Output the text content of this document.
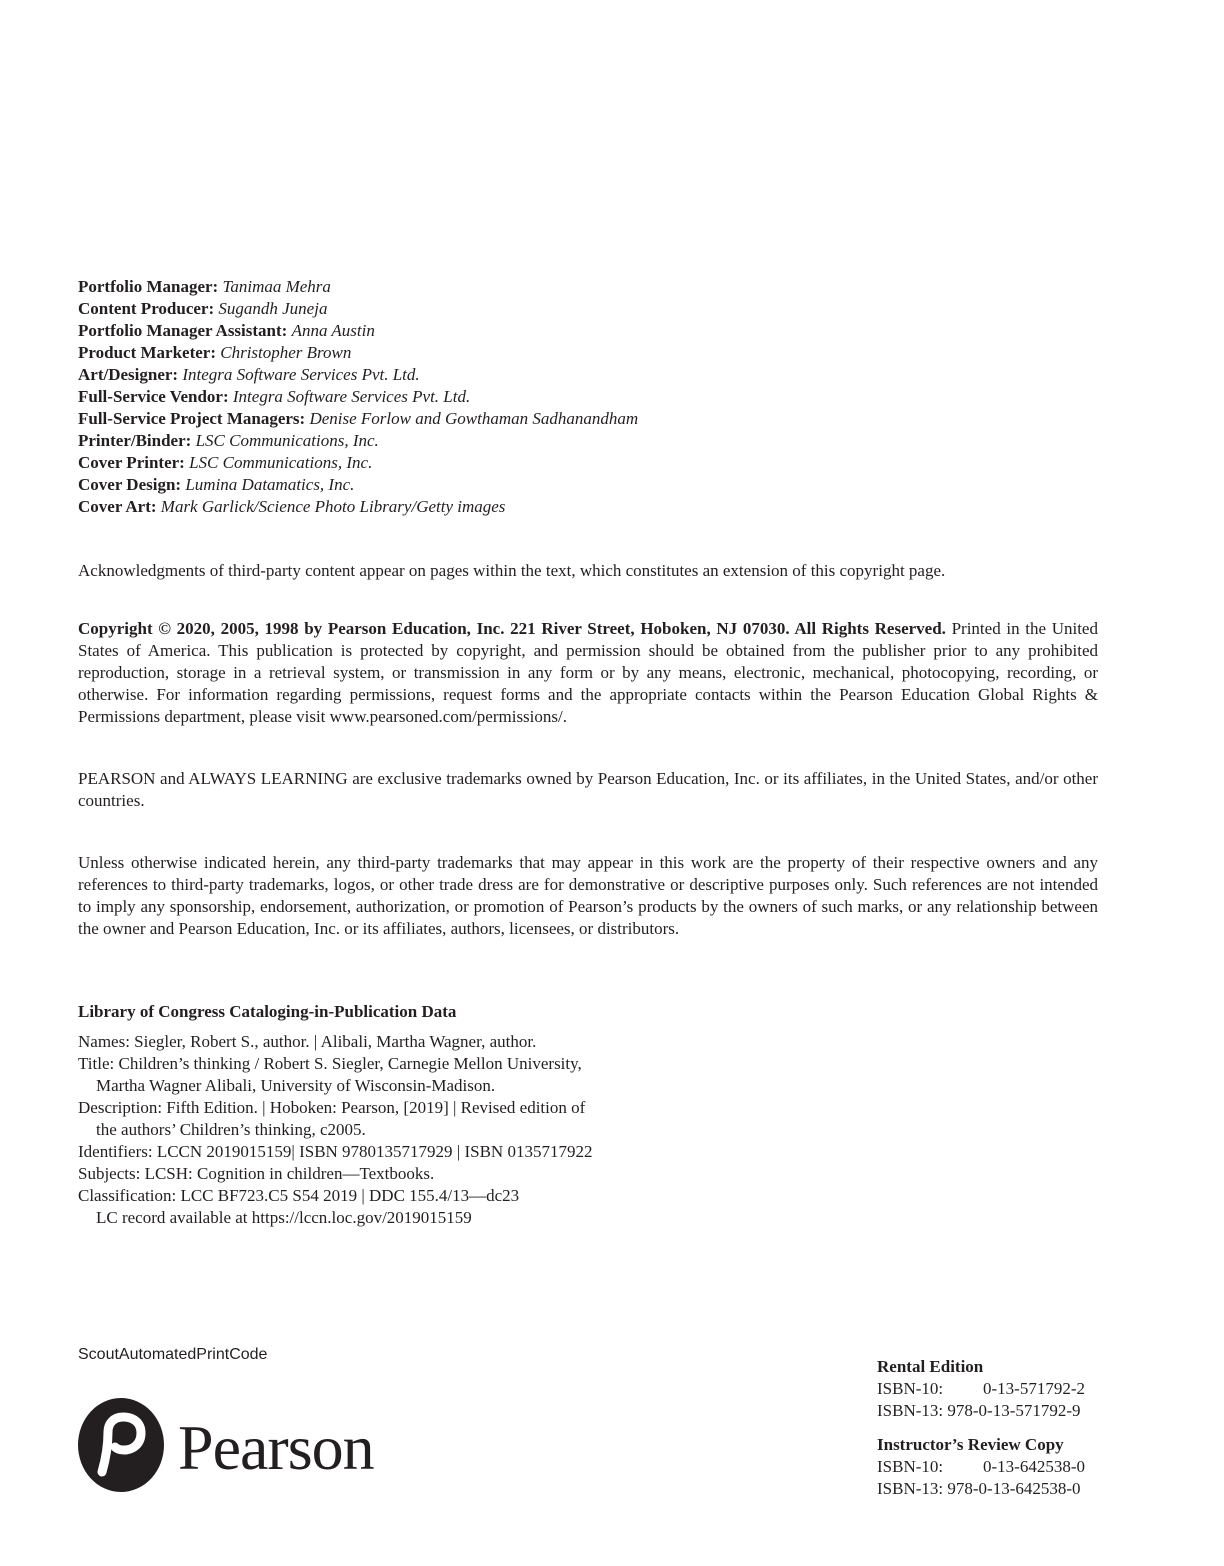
Portfolio Manager: Tanimaa Mehra
Content Producer: Sugandh Juneja
Portfolio Manager Assistant: Anna Austin
Product Marketer: Christopher Brown
Art/Designer: Integra Software Services Pvt. Ltd.
Full-Service Vendor: Integra Software Services Pvt. Ltd.
Full-Service Project Managers: Denise Forlow and Gowthaman Sadhanandham
Printer/Binder: LSC Communications, Inc.
Cover Printer: LSC Communications, Inc.
Cover Design: Lumina Datamatics, Inc.
Cover Art: Mark Garlick/Science Photo Library/Getty images

Acknowledgments of third-party content appear on pages within the text, which constitutes an extension of this copyright page.

Copyright © 2020, 2005, 1998 by Pearson Education, Inc. 221 River Street, Hoboken, NJ 07030. All Rights Reserved. Printed in the United States of America. This publication is protected by copyright, and permission should be obtained from the publisher prior to any prohibited reproduction, storage in a retrieval system, or transmission in any form or by any means, electronic, mechanical, photocopying, recording, or otherwise. For information regarding permissions, request forms and the appropriate contacts within the Pearson Education Global Rights & Permissions department, please visit www.pearsoned.com/permissions/.

PEARSON and ALWAYS LEARNING are exclusive trademarks owned by Pearson Education, Inc. or its affiliates, in the United States, and/or other countries.

Unless otherwise indicated herein, any third-party trademarks that may appear in this work are the property of their respective owners and any references to third-party trademarks, logos, or other trade dress are for demonstrative or descriptive purposes only. Such references are not intended to imply any sponsorship, endorsement, authorization, or promotion of Pearson’s products by the owners of such marks, or any relationship between the owner and Pearson Education, Inc. or its affiliates, authors, licensees, or distributors.

Library of Congress Cataloging-in-Publication Data
Names: Siegler, Robert S., author. | Alibali, Martha Wagner, author.
Title: Children’s thinking / Robert S. Siegler, Carnegie Mellon University,
Martha Wagner Alibali, University of Wisconsin-Madison.
Description: Fifth Edition. | Hoboken: Pearson, [2019] | Revised edition of
the authors’ Children’s thinking, c2005.
Identifiers: LCCN 2019015159| ISBN 9780135717929 | ISBN 0135717922
Subjects: LCSH: Cognition in children—Textbooks.
Classification: LCC BF723.C5 S54 2019 | DDC 155.4/13—dc23
LC record available at https://lccn.loc.gov/2019015159
ScoutAutomatedPrintCode
Pearson
Rental Edition
ISBN-10:	0-13-571792-2
ISBN-13:
978-0-13-571792-9
Instructor’s Review Copy
ISBN-10:	0-13-642538-0
ISBN-13:
978-0-13-642538-0
